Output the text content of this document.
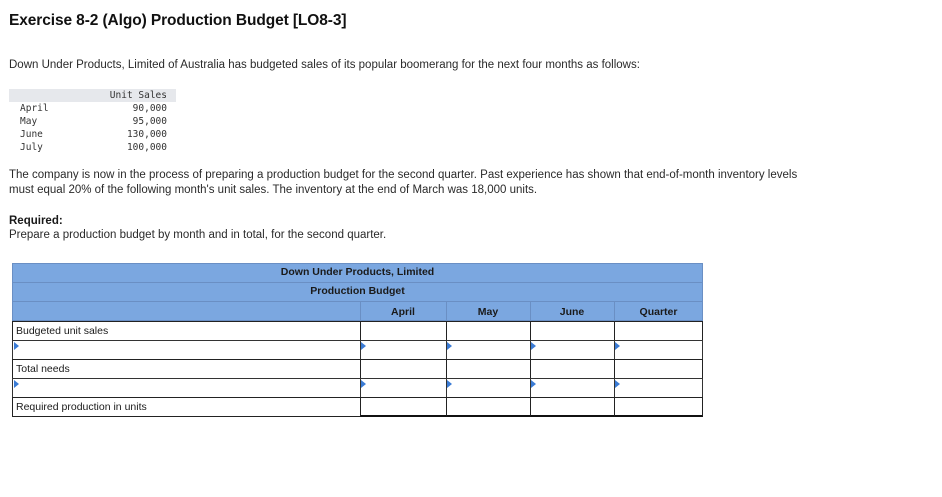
Exercise 8-2 (Algo) Production Budget [LO8-3]
Down Under Products, Limited of Australia has budgeted sales of its popular boomerang for the next four months as follows:
	Unit Sales
April	90,000
May	95,000
June	130,000
July	100,000
The company is now in the process of preparing a production budget for the second quarter. Past experience has shown that end-of-month inventory levels must equal 20% of the following month's unit sales. The inventory at the end of March was 18,000 units.
Required:
Prepare a production budget by month and in total, for the second quarter.
Down Under Products, Limited
Production Budget
April	May	June	Quarter
Budgeted unit sales
Total needs
Required production in units
